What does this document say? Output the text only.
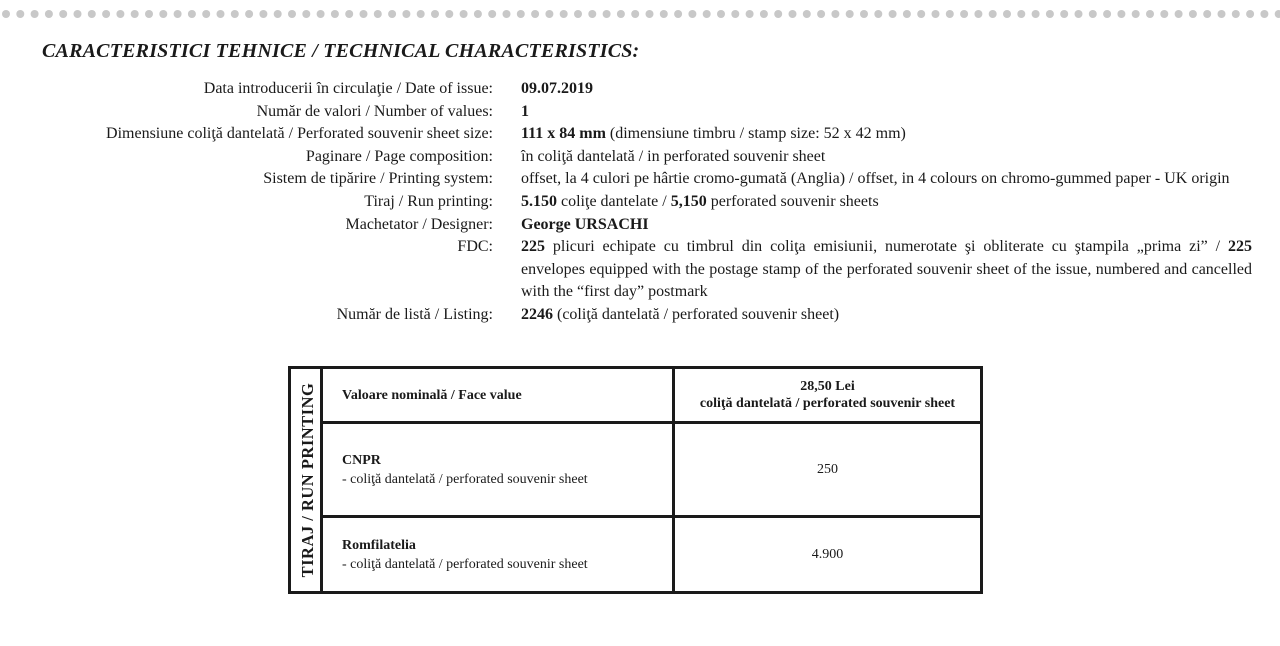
CARACTERISTICI TEHNICE / TECHNICAL CHARACTERISTICS:
Data introducerii în circulaţie / Date of issue: 09.07.2019
Număr de valori / Number of values: 1
Dimensiune coliţă dantelată / Perforated souvenir sheet size: 111 x 84 mm (dimensiune timbru / stamp size: 52 x 42 mm)
Paginare / Page composition: în coliţă dantelată / in perforated souvenir sheet
Sistem de tipărire / Printing system: offset, la 4 culori pe hârtie cromo-gumată (Anglia) / offset, in 4 colours on chromo-gummed paper - UK origin
Tiraj / Run printing: 5.150 coliţe dantelate / 5,150 perforated souvenir sheets
Machetator / Designer: George URSACHI
FDC: 225 plicuri echipate cu timbrul din coliţa emisiunii, numerotate şi obliterate cu ştampila „prima zi” / 225 envelopes equipped with the postage stamp of the perforated souvenir sheet of the issue, numbered and cancelled with the “first day” postmark
Număr de listă / Listing: 2246 (coliţă dantelată / perforated souvenir sheet)
TIRAJ / RUN PRINTING Valoare nominală / Face value
28,50 Lei
coliţă dantelată / perforated souvenir sheet
CNPR
- coliţă dantelată / perforated souvenir sheet
250
Romfilatelia
- coliţă dantelată / perforated souvenir sheet
4.900
